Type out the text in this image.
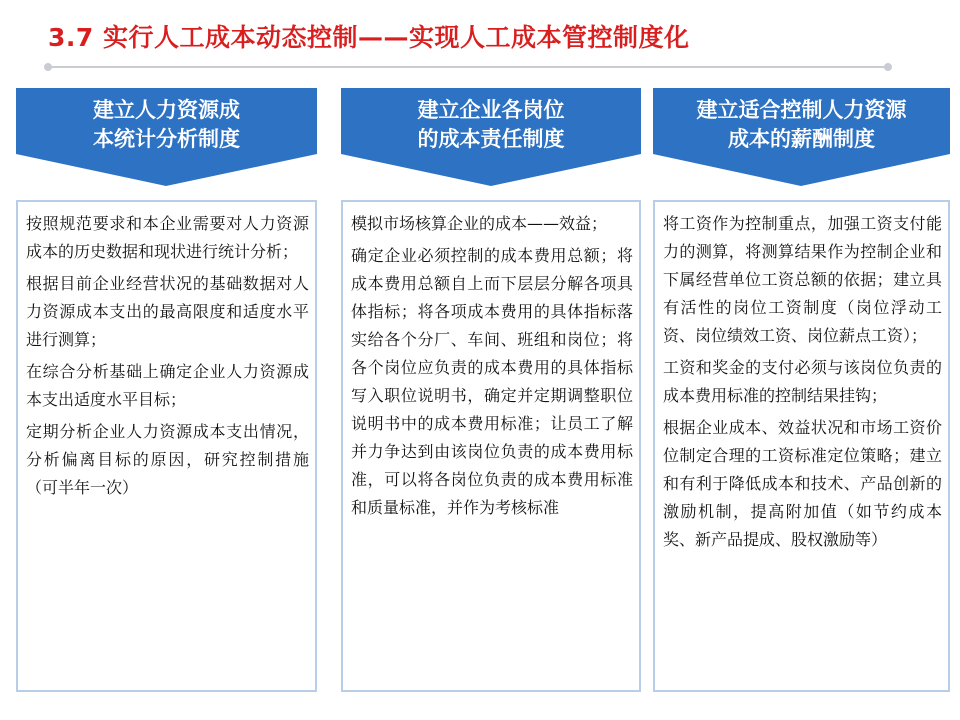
3.7 实行人工成本动态控制——实现人工成本管控制度化
建立人力资源成
本统计分析制度

按照规范要求和本企业需要对人力资源成本的历史数据和现状进行统计分析；

根据目前企业经营状况的基础数据对人力资源成本支出的最高限度和适度水平进行测算；

在综合分析基础上确定企业人力资源成本支出适度水平目标；

定期分析企业人力资源成本支出情况，分析偏离目标的原因，研究控制措施（可半年一次）

建立企业各岗位
的成本责任制度

模拟市场核算企业的成本——效益；

确定企业必须控制的成本费用总额；将成本费用总额自上而下层层分解各项具体指标；将各项成本费用的具体指标落实给各个分厂、车间、班组和岗位；将各个岗位应负责的成本费用的具体指标写入职位说明书，确定并定期调整职位说明书中的成本费用标准；让员工了解并力争达到由该岗位负责的成本费用标准，可以将各岗位负责的成本费用标准和质量标准，并作为考核标准

建立适合控制人力资源
成本的薪酬制度

将工资作为控制重点，加强工资支付能力的测算，将测算结果作为控制企业和下属经营单位工资总额的依据；建立具有活性的岗位工资制度（岗位浮动工资、岗位绩效工资、岗位薪点工资）；

工资和奖金的支付必须与该岗位负责的成本费用标准的控制结果挂钩；

根据企业成本、效益状况和市场工资价位制定合理的工资标准定位策略；建立和有利于降低成本和技术、产品创新的激励机制，提高附加值（如节约成本奖、新产品提成、股权激励等）
